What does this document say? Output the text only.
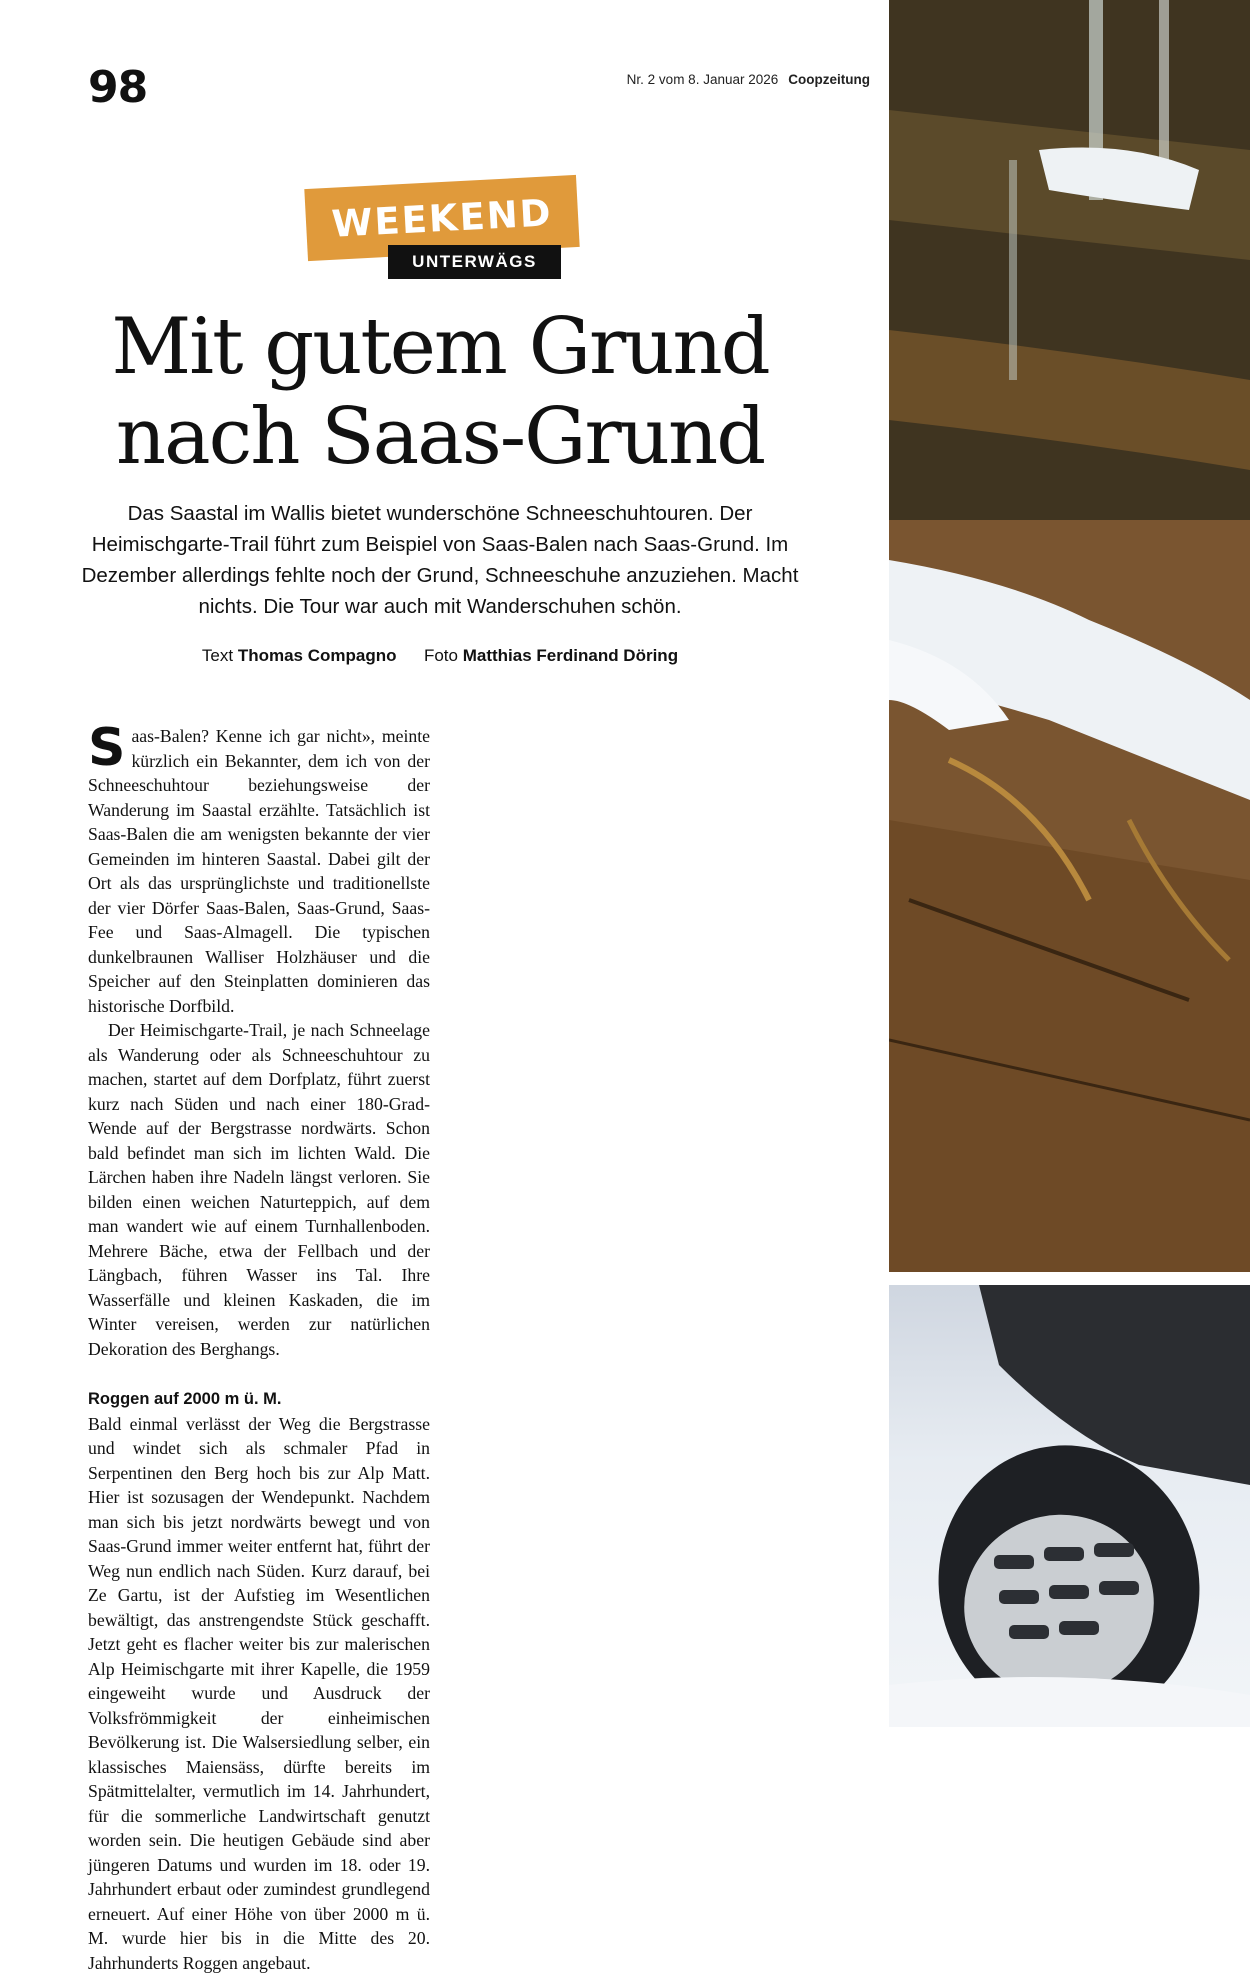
98	Nr. 2 vom 8. Januar 2026 Coopzeitung
WEEKEND
UNTERWÄGS
Mit gutem Grund
nach Saas-Grund

Das Saastal im Wallis bietet wunderschöne Schneeschuhtouren. Der Heimischgarte-Trail führt zum Beispiel von Saas-Balen nach Saas-Grund. Im Dezember allerdings fehlte noch der Grund, Schneeschuhe anzuziehen. Macht nichts. Die Tour war auch mit Wanderschuhen schön.

Text Thomas Compagno Foto Matthias Ferdinand Döring

Saas-Balen? Kenne ich gar nicht», meinte kürzlich ein Bekannter, dem ich von der Schneeschuhtour beziehungsweise der Wanderung im Saastal erzählte. Tatsächlich ist Saas-Balen die am wenigsten bekannte der vier Gemeinden im hinteren Saastal. Dabei gilt der Ort als das ursprünglichste und traditionellste der vier Dörfer Saas-Balen, Saas-Grund, Saas-Fee und Saas-Almagell. Die typischen dunkelbraunen Walliser Holzhäuser und die Speicher auf den Steinplatten dominieren das historische Dorfbild.

Der Heimischgarte-Trail, je nach Schneelage als Wanderung oder als Schneeschuhtour zu machen, startet auf dem Dorfplatz, führt zuerst kurz nach Süden und nach einer 180-Grad-Wende auf der Bergstrasse nordwärts. Schon bald befindet man sich im lichten Wald. Die Lärchen haben ihre Nadeln längst verloren. Sie bilden einen weichen Naturteppich, auf dem man wandert wie auf einem Turnhallenboden. Mehrere Bäche, etwa der Fellbach und der Längbach, führen Wasser ins Tal. Ihre Wasserfälle und kleinen Kaskaden, die im Winter vereisen, werden zur natürlichen Dekoration des Berghangs.

Roggen auf 2000 m ü. M.

Bald einmal verlässt der Weg die Bergstrasse und windet sich als schmaler Pfad in Serpentinen den Berg hoch bis zur Alp Matt. Hier ist sozusagen der Wendepunkt. Nachdem man sich bis jetzt nordwärts bewegt und von Saas-Grund immer weiter entfernt hat, führt der Weg nun endlich nach Süden. Kurz darauf, bei Ze Gartu, ist der Aufstieg im Wesentlichen bewältigt, das anstrengendste Stück geschafft. Jetzt geht es flacher weiter bis zur malerischen Alp Heimischgarte mit ihrer Kapelle, die 1959 eingeweiht wurde und Ausdruck der Volksfrömmigkeit der einheimischen Bevölkerung ist. Die Walsersiedlung selber, ein klassisches Maiensäss, dürfte bereits im Spätmittelalter, vermutlich im 14. Jahrhundert, für die sommerliche Landwirtschaft genutzt worden sein. Die heutigen Gebäude sind aber jüngeren Datums und wurden im 18. oder 19. Jahrhundert erbaut oder zumindest grundlegend erneuert. Auf einer Höhe von über 2000 m ü. M. wurde hier bis in die Mitte des 20. Jahrhunderts Roggen angebaut.
